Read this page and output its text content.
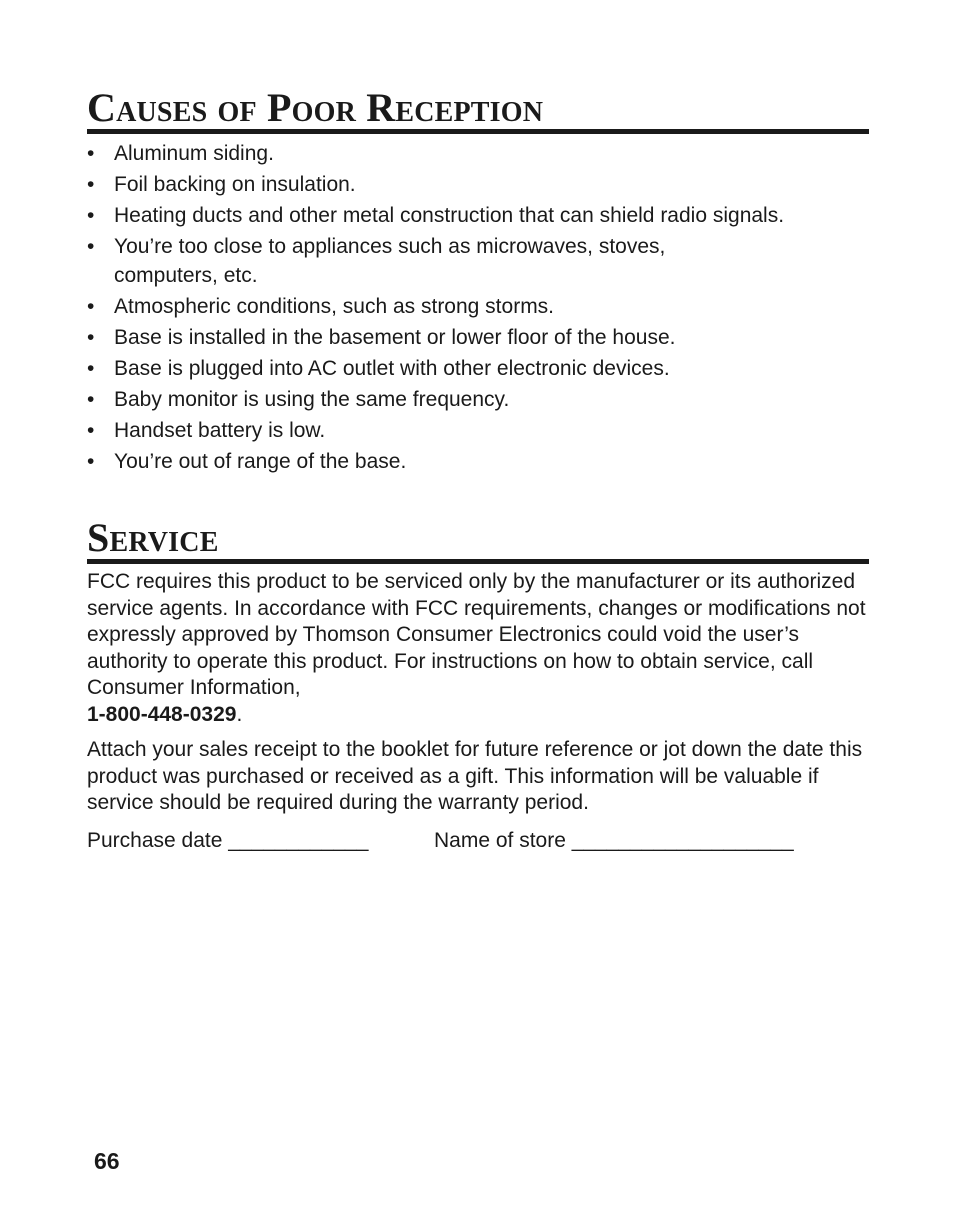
Causes of Poor Reception
• Aluminum siding.
• Foil backing on insulation.
• Heating ducts and other metal construction that can shield radio signals.
• You’re too close to appliances such as microwaves, stoves, computers, etc.
• Atmospheric conditions, such as strong storms.
• Base is installed in the basement or lower floor of the house.
• Base is plugged into AC outlet with other electronic devices.
• Baby monitor is using the same frequency.
• Handset battery is low.
• You’re out of range of the base.
Service

FCC requires this product to be serviced only by the manufacturer or its authorized service agents. In accordance with FCC requirements, changes or modifications not expressly approved by Thomson Consumer Electronics could void the user’s authority to operate this product. For instructions on how to obtain service, call Consumer Information,
1-800-448-0329.

Attach your sales receipt to the booklet for future reference or jot down the date this product was purchased or received as a gift. This information will be valuable if service should be required during the warranty period.

Purchase date ____________	Name of store ___________________
66
